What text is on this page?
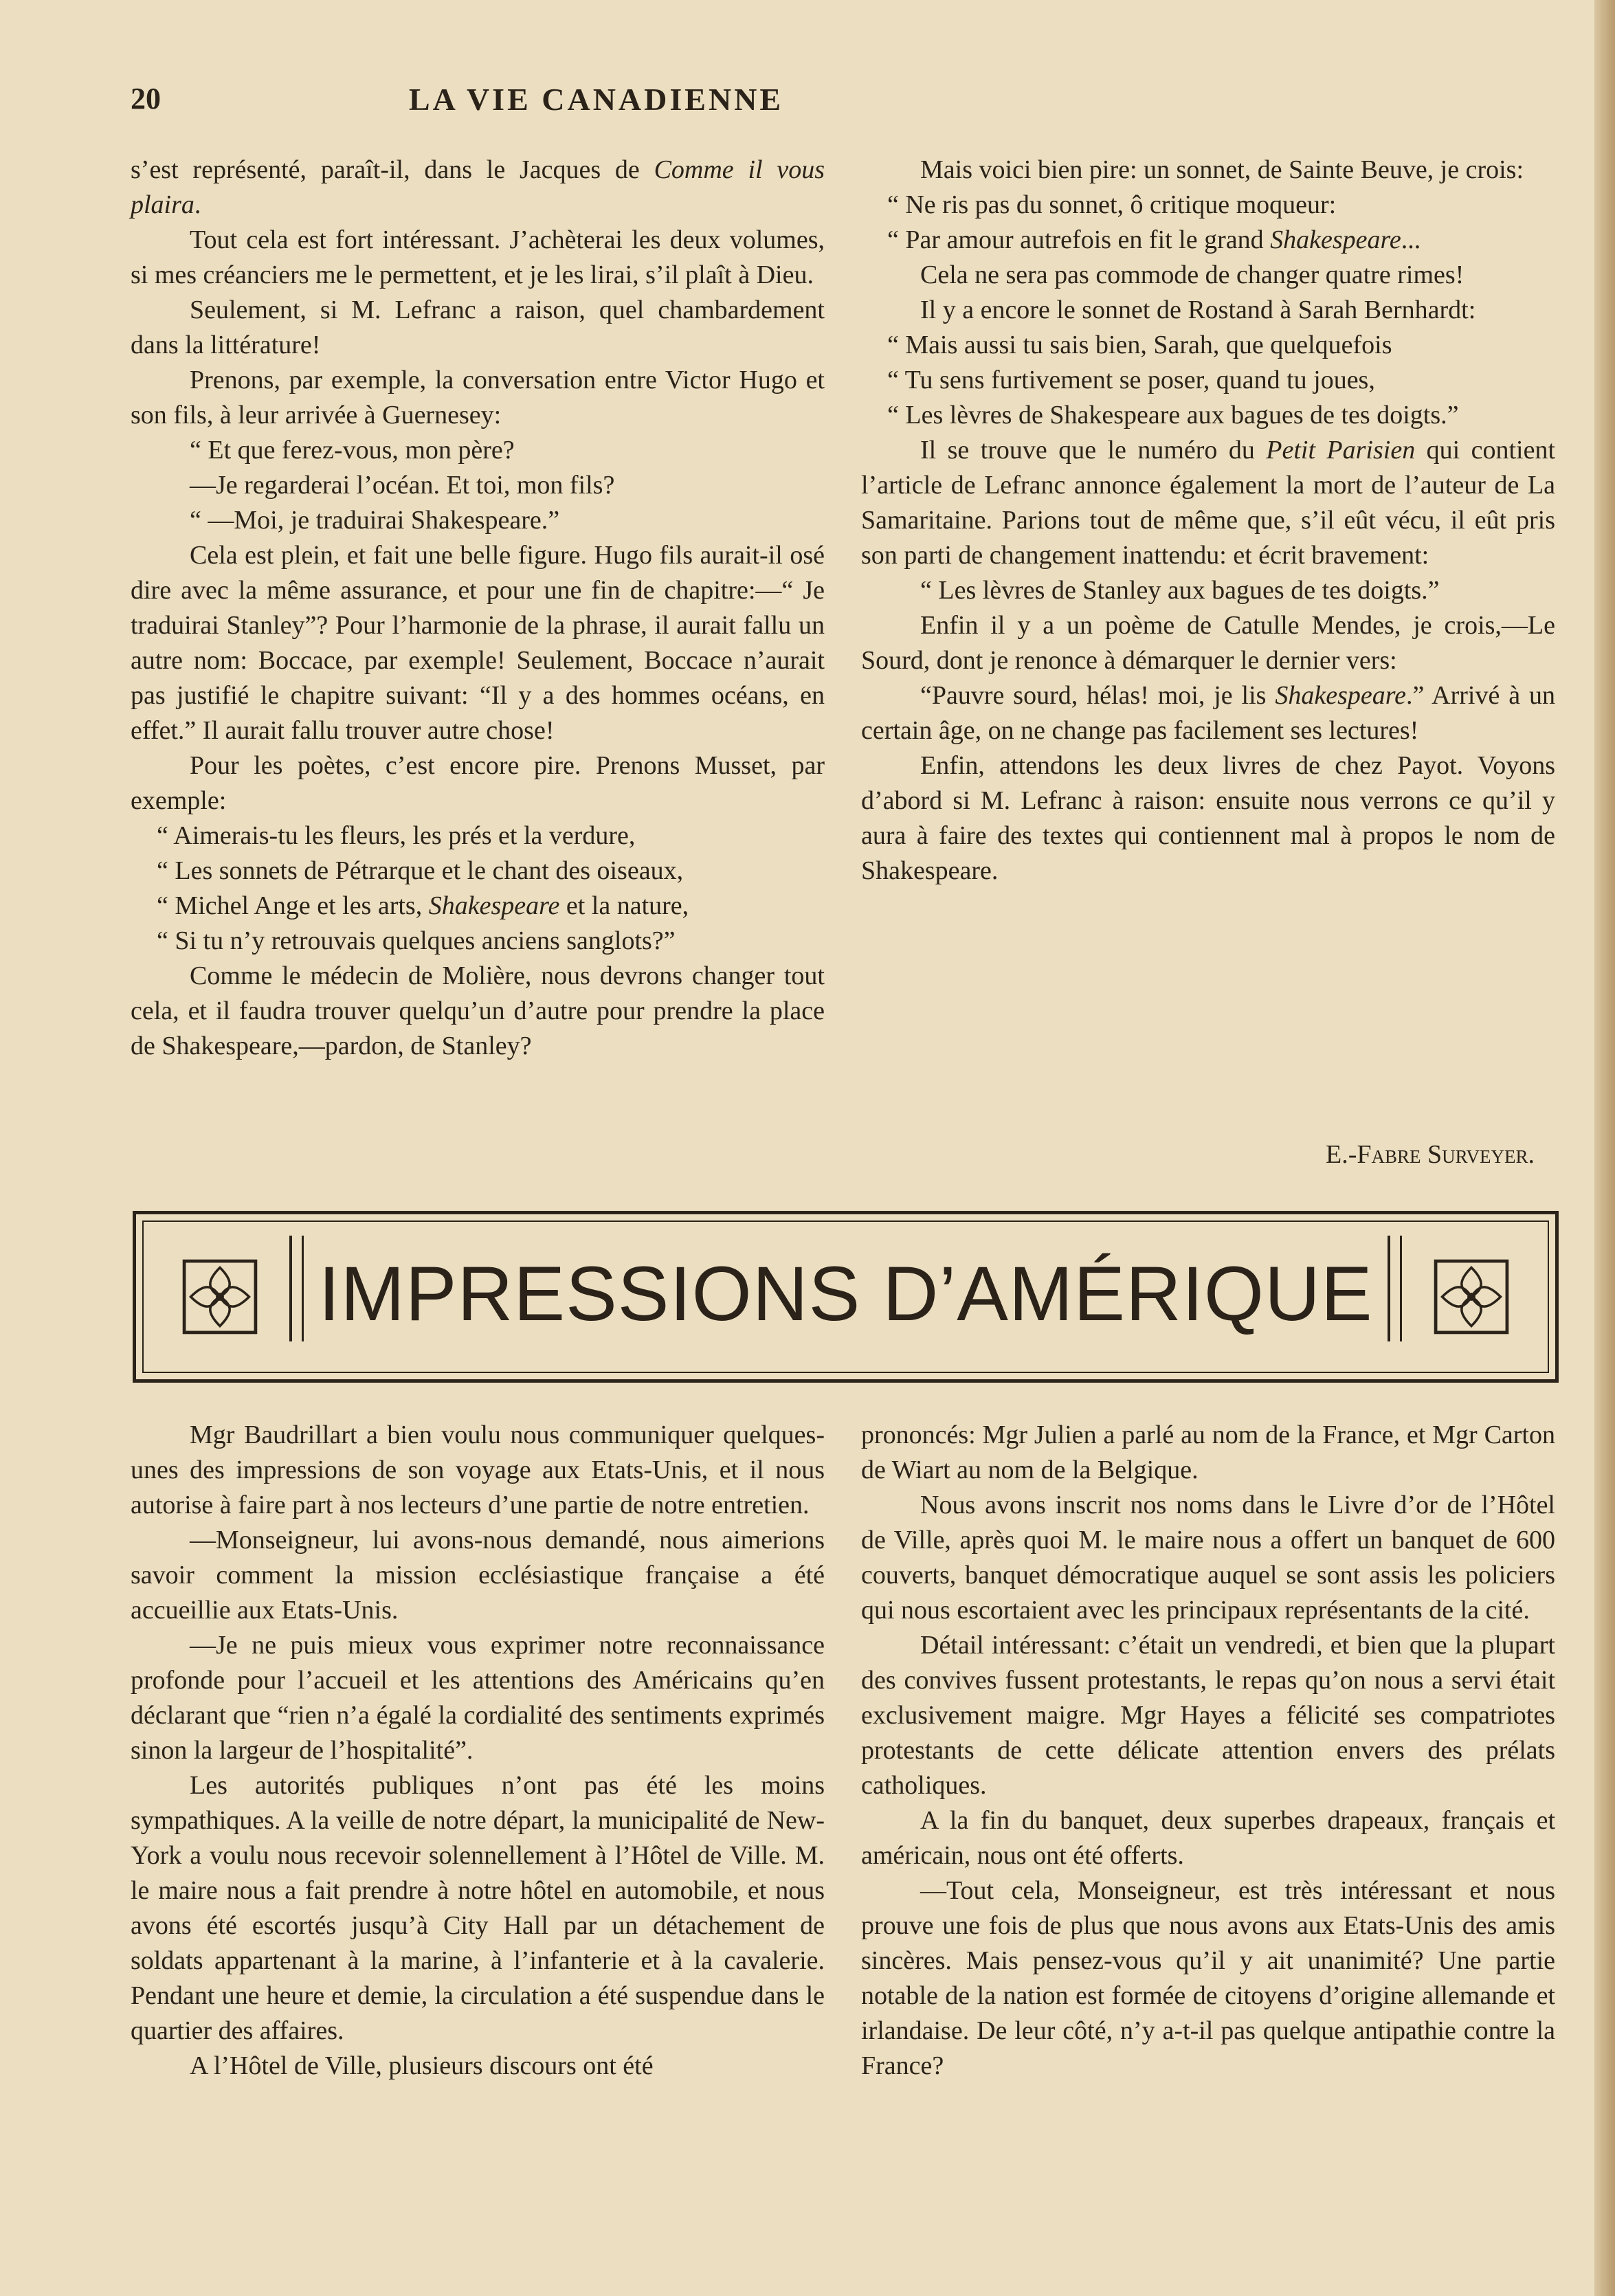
20	LA VIE CANADIENNE

s’est représenté, paraît-il, dans le Jacques de Comme il vous plaira.

Tout cela est fort intéressant. J’achèterai les deux volumes, si mes créanciers me le permettent, et je les lirai, s’il plaît à Dieu.

Seulement, si M. Lefranc a raison, quel chambardement dans la littérature!

Prenons, par exemple, la conversation entre Victor Hugo et son fils, à leur arrivée à Guernesey:

“ Et que ferez-vous, mon père?

—Je regarderai l’océan. Et toi, mon fils?

“ —Moi, je traduirai Shakespeare.”

Cela est plein, et fait une belle figure. Hugo fils aurait-il osé dire avec la même assurance, et pour une fin de chapitre:—“ Je traduirai Stanley”? Pour l’harmonie de la phrase, il aurait fallu un autre nom: Boccace, par exemple! Seulement, Boccace n’aurait pas justifié le chapitre suivant: “Il y a des hommes océans, en effet.” Il aurait fallu trouver autre chose!

Pour les poètes, c’est encore pire. Prenons Musset, par exemple:

“ Aimerais-tu les fleurs, les prés et la verdure,

“ Les sonnets de Pétrarque et le chant des oiseaux,

“ Michel Ange et les arts, Shakespeare et la nature,

“ Si tu n’y retrouvais quelques anciens sanglots?”

Comme le médecin de Molière, nous devrons changer tout cela, et il faudra trouver quelqu’un d’autre pour prendre la place de Shakespeare,—pardon, de Stanley?

Mais voici bien pire: un sonnet, de Sainte Beuve, je crois:

“ Ne ris pas du sonnet, ô critique moqueur:

“ Par amour autrefois en fit le grand Shakespeare...

Cela ne sera pas commode de changer quatre rimes!

Il y a encore le sonnet de Rostand à Sarah Bernhardt:

“ Mais aussi tu sais bien, Sarah, que quelquefois

“ Tu sens furtivement se poser, quand tu joues,

“ Les lèvres de Shakespeare aux bagues de tes doigts.”

Il se trouve que le numéro du Petit Parisien qui contient l’article de Lefranc annonce également la mort de l’auteur de La Samaritaine. Parions tout de même que, s’il eût vécu, il eût pris son parti de changement inattendu: et écrit bravement:

“ Les lèvres de Stanley aux bagues de tes doigts.”

Enfin il y a un poème de Catulle Mendes, je crois,—Le Sourd, dont je renonce à démarquer le dernier vers:

“Pauvre sourd, hélas! moi, je lis Shakespeare.” Arrivé à un certain âge, on ne change pas facilement ses lectures!

Enfin, attendons les deux livres de chez Payot. Voyons d’abord si M. Lefranc à raison: ensuite nous verrons ce qu’il y aura à faire des textes qui contiennent mal à propos le nom de Shakespeare.

E.-Fabre Surveyer.

IMPRESSIONS D’AMÉRIQUE

Mgr Baudrillart a bien voulu nous communiquer quelques-unes des impressions de son voyage aux Etats-Unis, et il nous autorise à faire part à nos lecteurs d’une partie de notre entretien.

—Monseigneur, lui avons-nous demandé, nous aimerions savoir comment la mission ecclésiastique française a été accueillie aux Etats-Unis.

—Je ne puis mieux vous exprimer notre reconnaissance profonde pour l’accueil et les attentions des Américains qu’en déclarant que “rien n’a égalé la cordialité des sentiments exprimés sinon la largeur de l’hospitalité”.

Les autorités publiques n’ont pas été les moins sympathiques. A la veille de notre départ, la municipalité de New-York a voulu nous recevoir solennellement à l’Hôtel de Ville. M. le maire nous a fait prendre à notre hôtel en automobile, et nous avons été escortés jusqu’à City Hall par un détachement de soldats appartenant à la marine, à l’infanterie et à la cavalerie. Pendant une heure et demie, la circulation a été suspendue dans le quartier des affaires.

A l’Hôtel de Ville, plusieurs discours ont été

prononcés: Mgr Julien a parlé au nom de la France, et Mgr Carton de Wiart au nom de la Belgique.

Nous avons inscrit nos noms dans le Livre d’or de l’Hôtel de Ville, après quoi M. le maire nous a offert un banquet de 600 couverts, banquet démocratique auquel se sont assis les policiers qui nous escortaient avec les principaux représentants de la cité.

Détail intéressant: c’était un vendredi, et bien que la plupart des convives fussent protestants, le repas qu’on nous a servi était exclusivement maigre. Mgr Hayes a félicité ses compatriotes protestants de cette délicate attention envers des prélats catholiques.

A la fin du banquet, deux superbes drapeaux, français et américain, nous ont été offerts.

—Tout cela, Monseigneur, est très intéressant et nous prouve une fois de plus que nous avons aux Etats-Unis des amis sincères. Mais pensez-vous qu’il y ait unanimité? Une partie notable de la nation est formée de citoyens d’origine allemande et irlandaise. De leur côté, n’y a-t-il pas quelque antipathie contre la France?
